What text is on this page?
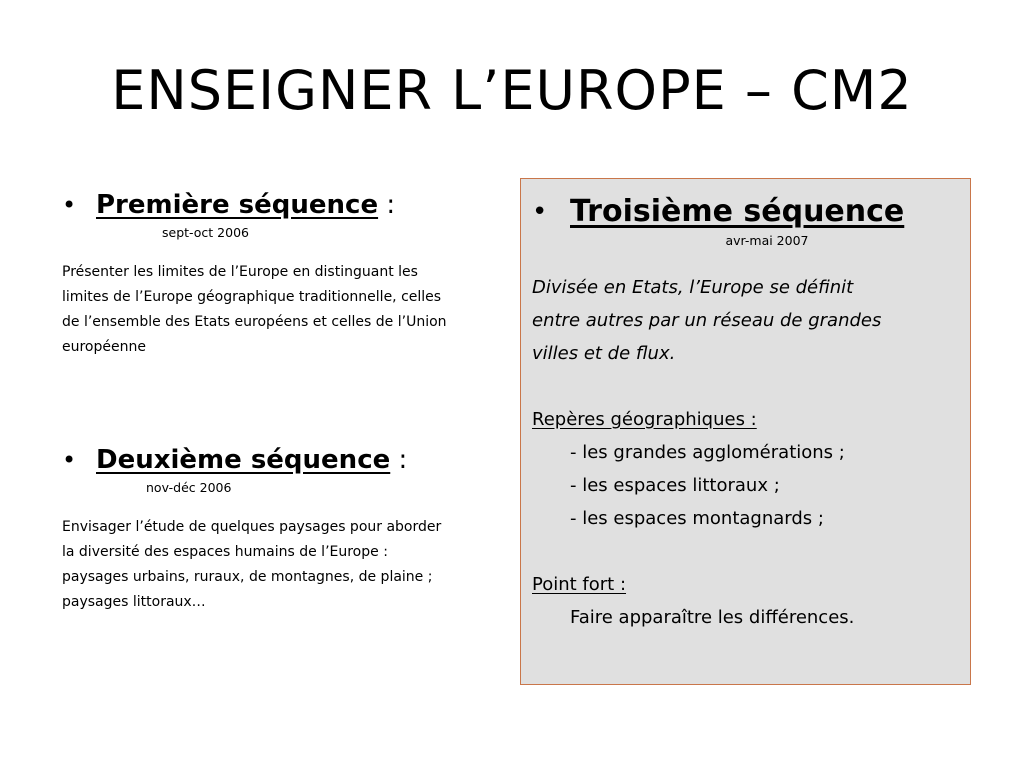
ENSEIGNER L’EUROPE – CM2
• Première séquence :
sept-oct 2006
Présenter les limites de l’Europe en distinguant les
limites de l’Europe géographique traditionnelle, celles
de l’ensemble des Etats européens et celles de l’Union
européenne
• Deuxième séquence :
nov-déc 2006
Envisager l’étude de quelques paysages pour aborder
la diversité des espaces humains de l’Europe :
paysages urbains, ruraux, de montagnes, de plaine ;
paysages littoraux…
• Troisième séquence
avr-mai 2007
Divisée en Etats, l’Europe se définit
entre autres par un réseau de grandes
villes et de flux.
Repères géographiques :
- les grandes agglomérations ;
- les espaces littoraux ;
- les espaces montagnards ;
Point fort :
Faire apparaître les différences.
